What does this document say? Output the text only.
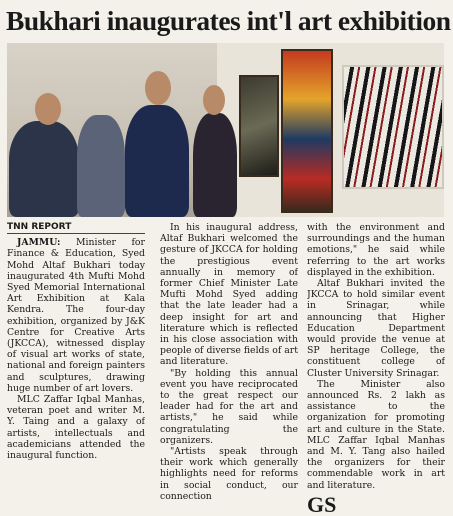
Bukhari inaugurates int'l art exhibition
TNN REPORT

JAMMU: Minister for Finance & Education, Syed Mohd Altaf Bukhari today inaugurated 4th Mufti Mohd Syed Memorial International Art Exhibition at Kala Kendra. The four-day exhibition, organized by J&K Centre for Creative Arts (JKCCA), witnessed display of visual art works of state, national and foreign painters and sculptures, drawing huge number of art lovers.

MLC Zaffar Iqbal Manhas, veteran poet and writer M. Y. Taing and a galaxy of artists, intellectuals and academicians attended the inaugural function.

In his inaugural address, Altaf Bukhari welcomed the gesture of JKCCA for holding the prestigious event annually in memory of former Chief Minister Late Mufti Mohd Syed adding that the late leader had a deep insight for art and literature which is reflected in his close association with people of diverse fields of art and literature.

"By holding this annual event you have reciprocated to the great respect our leader had for the art and artists," he said while congratulating the organizers.

"Artists speak through their work which generally highlights need for reforms in social conduct, our connection

with the environment and surroundings and the human emotions," he said while referring to the art works displayed in the exhibition.

Altaf Bukhari invited the JKCCA to hold similar event in Srinagar, while announcing that Higher Education Department would provide the venue at SP heritage College, the constituent college of Cluster University Srinagar.

The Minister also announced Rs. 2 lakh as assistance to the organization for promoting art and culture in the State. MLC Zaffar Iqbal Manhas and M. Y. Tang also hailed the organizers for their commendable work in art and literature.

GS
